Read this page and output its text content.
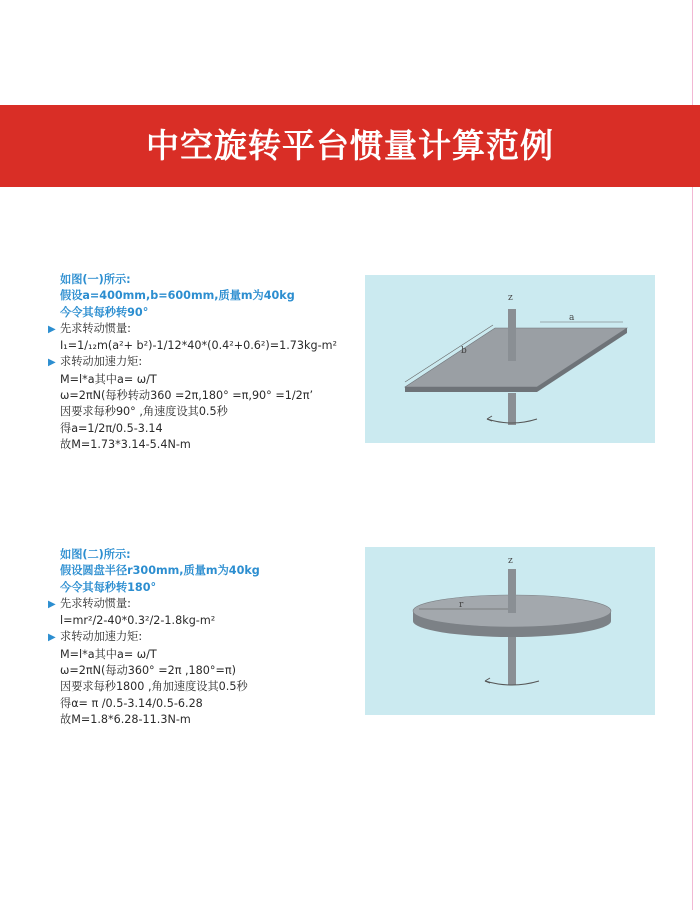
中空旋转平台惯量计算范例
如图(一)所示:
假设a=400mm,b=600mm,质量m为40kg
今令其每秒转90°
▶ 先求转动惯量:
I₁=1/₁₂m(a²+ b²)-1/12*40*(0.4²+0.6²)=1.73kg-m²
▶ 求转动加速力矩:
M=l*a其中a= ω/T
ω=2πN(每秒转动360 =2π,180° =π,90° =1/2π’
因要求每秒90° ,角速度设其0.5秒
得a=1/2π/0.5-3.14
故M=1.73*3.14-5.4N-m
a
b
z
如图(二)所示:
假设圆盘半径r300mm,质量m为40kg
今令其每秒转180°
▶ 先求转动惯量:
l=mr²/2-40*0.3²/2-1.8kg-m²
▶ 求转动加速力矩:
M=l*a其中a= ω/T
ω=2πN(每动360° =2π ,180°=π)
因要求每秒1800 ,角加速度设其0.5秒
得α= π /0.5-3.14/0.5-6.28
故M=1.8*6.28-11.3N-m
r
z
